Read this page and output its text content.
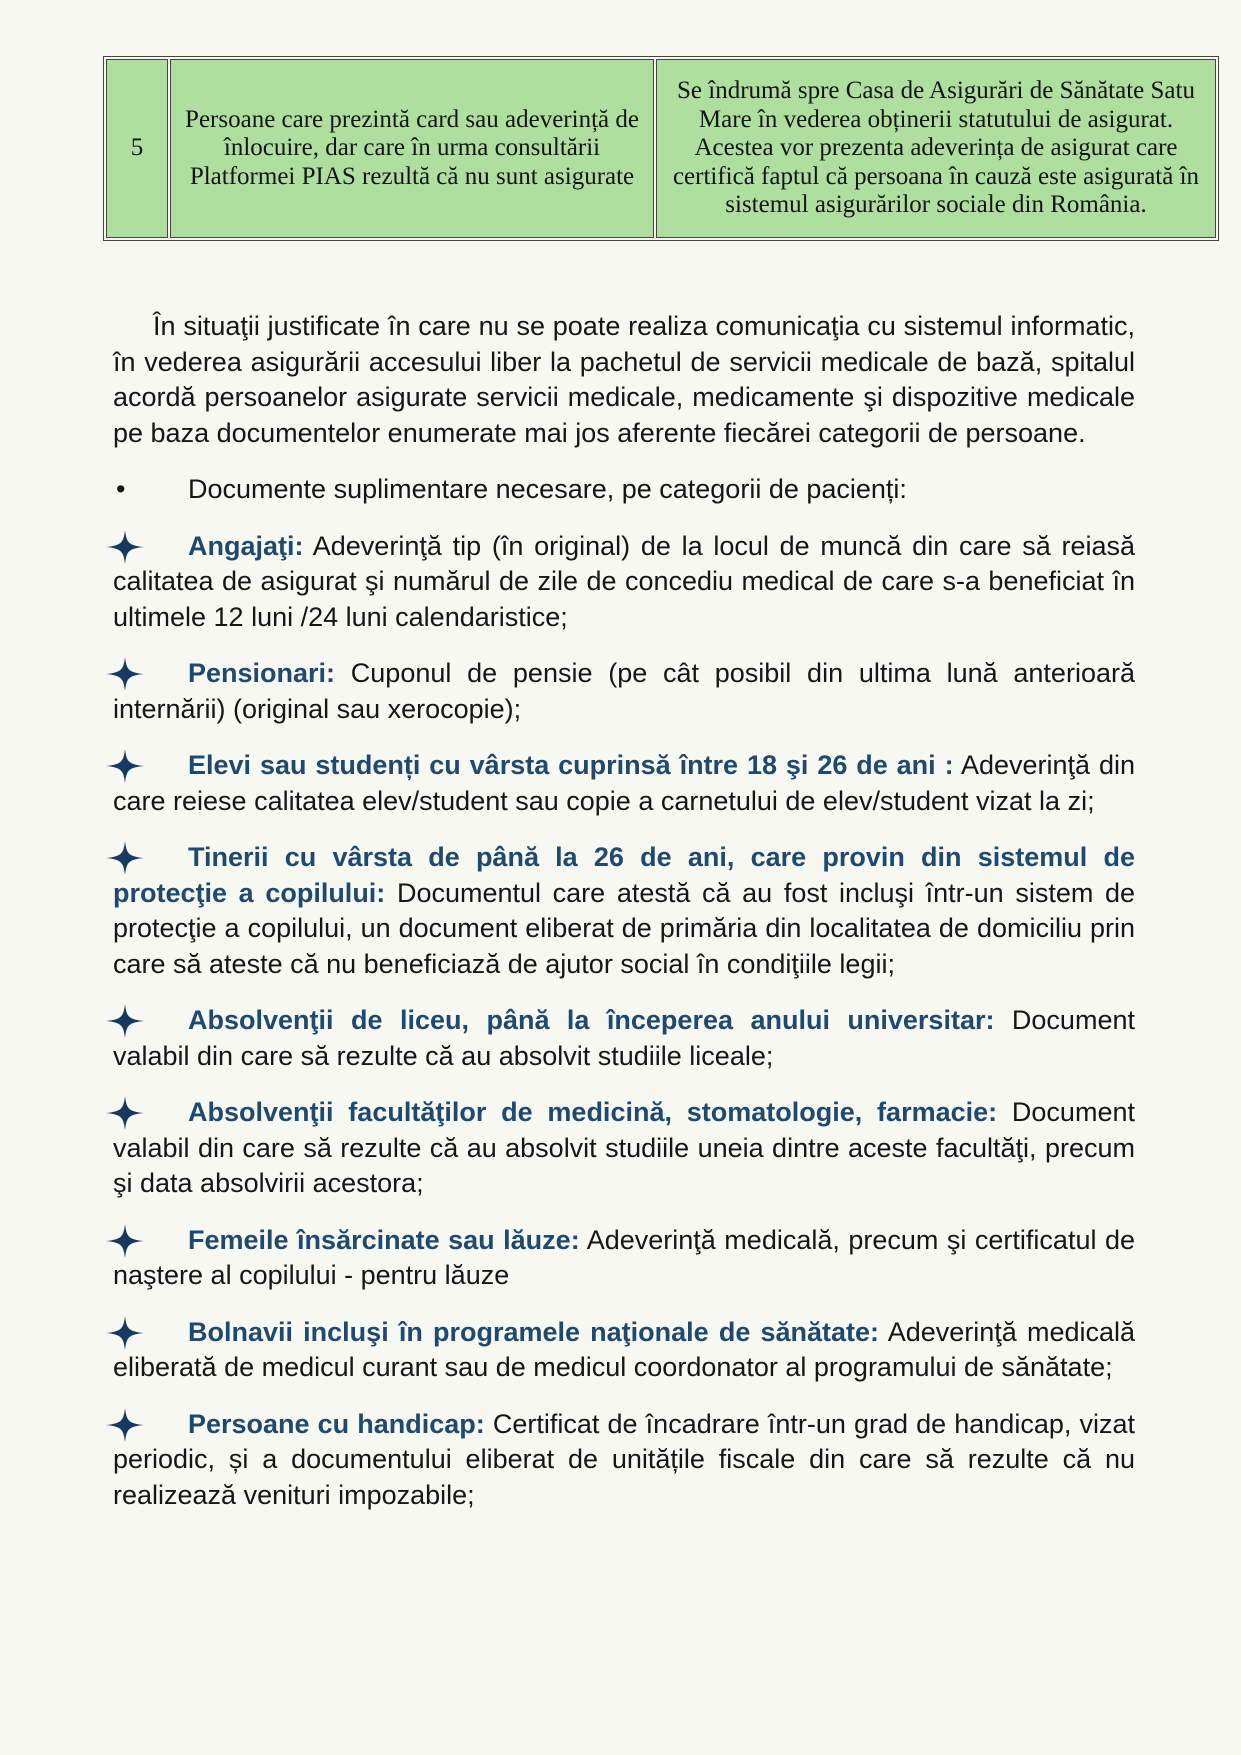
5	Persoane care prezintă card sau adeverință de înlocuire, dar care în urma consultării Platformei PIAS rezultă că nu sunt asigurate	Se îndrumă spre Casa de Asigurări de Sănătate Satu Mare în vederea obținerii statutului de asigurat. Acestea vor prezenta adeverința de asigurat care certifică faptul că persoana în cauză este asigurată în sistemul asigurărilor sociale din România.

În situaţii justificate în care nu se poate realiza comunicaţia cu sistemul informatic, în vederea asigurării accesului liber la pachetul de servicii medicale de bază, spitalul acordă persoanelor asigurate servicii medicale, medicamente şi dispozitive medicale pe baza documentelor enumerate mai jos aferente fiecărei categorii de persoane.

• Documente suplimentare necesare, pe categorii de pacienți:
Angajaţi: Adeverinţă tip (în original) de la locul de muncă din care să reiasă calitatea de asigurat şi numărul de zile de concediu medical de care s-a beneficiat în ultimele 12 luni /24 luni calendaristice;
Pensionari: Cuponul de pensie (pe cât posibil din ultima lună anterioară internării) (original sau xerocopie);
Elevi sau studenți cu vârsta cuprinsă între 18 şi 26 de ani : Adeverinţă din care reiese calitatea elev/student sau copie a carnetului de elev/student vizat la zi;
Tinerii cu vârsta de până la 26 de ani, care provin din sistemul de protecţie a copilului: Documentul care atestă că au fost incluşi într-un sistem de protecţie a copilului, un document eliberat de primăria din localitatea de domiciliu prin care să ateste că nu beneficiază de ajutor social în condiţiile legii;
Absolvenţii de liceu, până la începerea anului universitar: Document valabil din care să rezulte că au absolvit studiile liceale;
Absolvenţii facultăţilor de medicină, stomatologie, farmacie: Document valabil din care să rezulte că au absolvit studiile uneia dintre aceste facultăţi, precum şi data absolvirii acestora;
Femeile însărcinate sau lăuze: Adeverinţă medicală, precum şi certificatul de naştere al copilului - pentru lăuze
Bolnavii incluşi în programele naţionale de sănătate: Adeverinţă medicală eliberată de medicul curant sau de medicul coordonator al programului de sănătate;
Persoane cu handicap: Certificat de încadrare într-un grad de handicap, vizat periodic, și a documentului eliberat de unitățile fiscale din care să rezulte că nu realizează venituri impozabile;
